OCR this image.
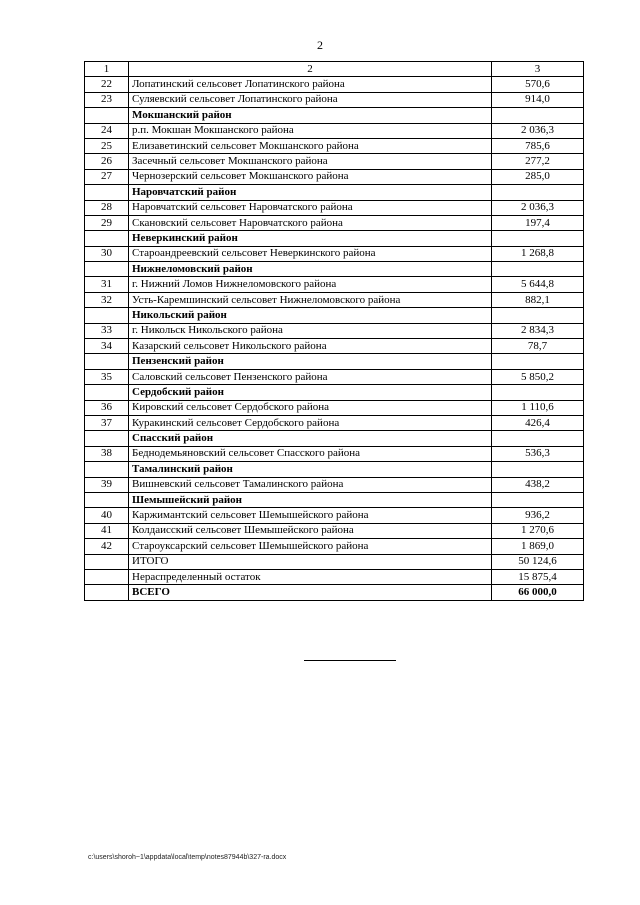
2
1	2	3
22	Лопатинский сельсовет Лопатинского района	570,6
23	Суляевский сельсовет Лопатинского района	914,0
	Мокшанский район	
24	р.п. Мокшан Мокшанского района	2 036,3
25	Елизаветинский сельсовет Мокшанского района	785,6
26	Засечный сельсовет Мокшанского района	277,2
27	Чернозерский сельсовет Мокшанского района	285,0
	Наровчатский район	
28	Наровчатский сельсовет Наровчатского района	2 036,3
29	Скановский сельсовет Наровчатского района	197,4
	Неверкинский район	
30	Староандреевский сельсовет Неверкинского района	1 268,8
	Нижнеломовский район	
31	г. Нижний Ломов Нижнеломовского района	5 644,8
32	Усть-Каремшинский сельсовет Нижнеломовского района	882,1
	Никольский район	
33	г. Никольск Никольского района	2 834,3
34	Казарский сельсовет Никольского района	78,7
	Пензенский район	
35	Саловский сельсовет Пензенского района	5 850,2
	Сердобский район	
36	Кировский сельсовет Сердобского района	1 110,6
37	Куракинский сельсовет Сердобского района	426,4
	Спасский район	
38	Беднодемьяновский сельсовет Спасского района	536,3
	Тамалинский район	
39	Вишневский сельсовет Тамалинского района	438,2
	Шемышейский район	
40	Каржимантский сельсовет Шемышейского района	936,2
41	Колдаисский сельсовет Шемышейского района	1 270,6
42	Староуксарский сельсовет Шемышейского района	1 869,0
	ИТОГО	50 124,6
	Нераспределенный остаток	15 875,4
	ВСЕГО	66 000,0
c:\users\shoroh~1\appdata\local\temp\notes87944b\327-ra.docx
